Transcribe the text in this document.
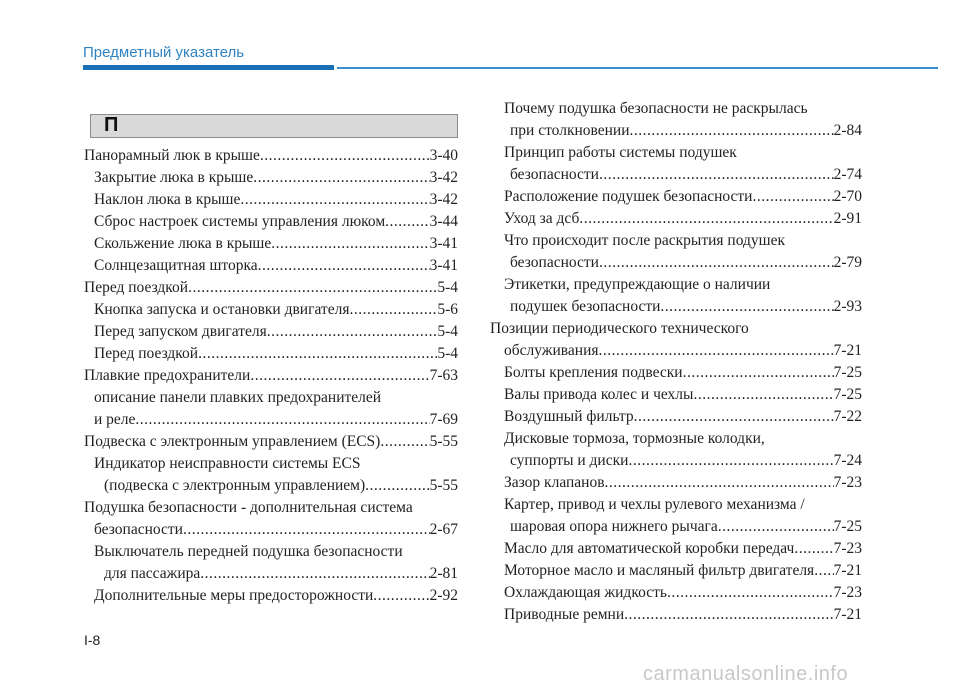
Предметный указатель
П
Панорамный люк в крыше .....	3-40
Закрытие люка в крыше .....	3-42
Наклон люка в крыше .....	3-42
Сброс настроек системы управления люком .....	3-44
Скольжение люка в крыше .....	3-41
Солнцезащитная шторка .....	3-41
Перед поездкой .....	5-4
Кнопка запуска и остановки двигателя .....	5-6
Перед запуском двигателя .....	5-4
Перед поездкой .....	5-4
Плавкие предохранители .....	7-63
описание панели плавких предохранителей
и реле .....	7-69
Подвеска с электронным управлением (ECS) .....	5-55
Индикатор неисправности системы ECS
(подвеска с электронным управлением) .....	5-55
Подушка безопасности - дополнительная система
безопасности .....	2-67
Выключатель передней подушка безопасности
для пассажира .....	2-81
Дополнительные меры предосторожности .....	2-92
Почему подушка безопасности не раскрылась
при столкновении .....	2-84
Принцип работы системы подушек
безопасности .....	2-74
Расположение подушек безопасности .....	2-70
Уход за дсб .....	2-91
Что происходит после раскрытия подушек
безопасности .....	2-79
Этикетки, предупреждающие о наличии
подушек безопасности .....	2-93
Позиции периодического технического
обслуживания .....	7-21
Болты крепления подвески .....	7-25
Валы привода колес и чехлы .....	7-25
Воздушный фильтр .....	7-22
Дисковые тормоза, тормозные колодки,
суппорты и диски .....	7-24
Зазор клапанов .....	7-23
Картер, привод и чехлы рулевого механизма /
шаровая опора нижнего рычага .....	7-25
Масло для автоматической коробки передач .....	7-23
Моторное масло и масляный фильтр двигателя ..... 7-21
Охлаждающая жидкость .....	7-23
Приводные ремни .....	7-21
I-8
carmanualsonline.info
